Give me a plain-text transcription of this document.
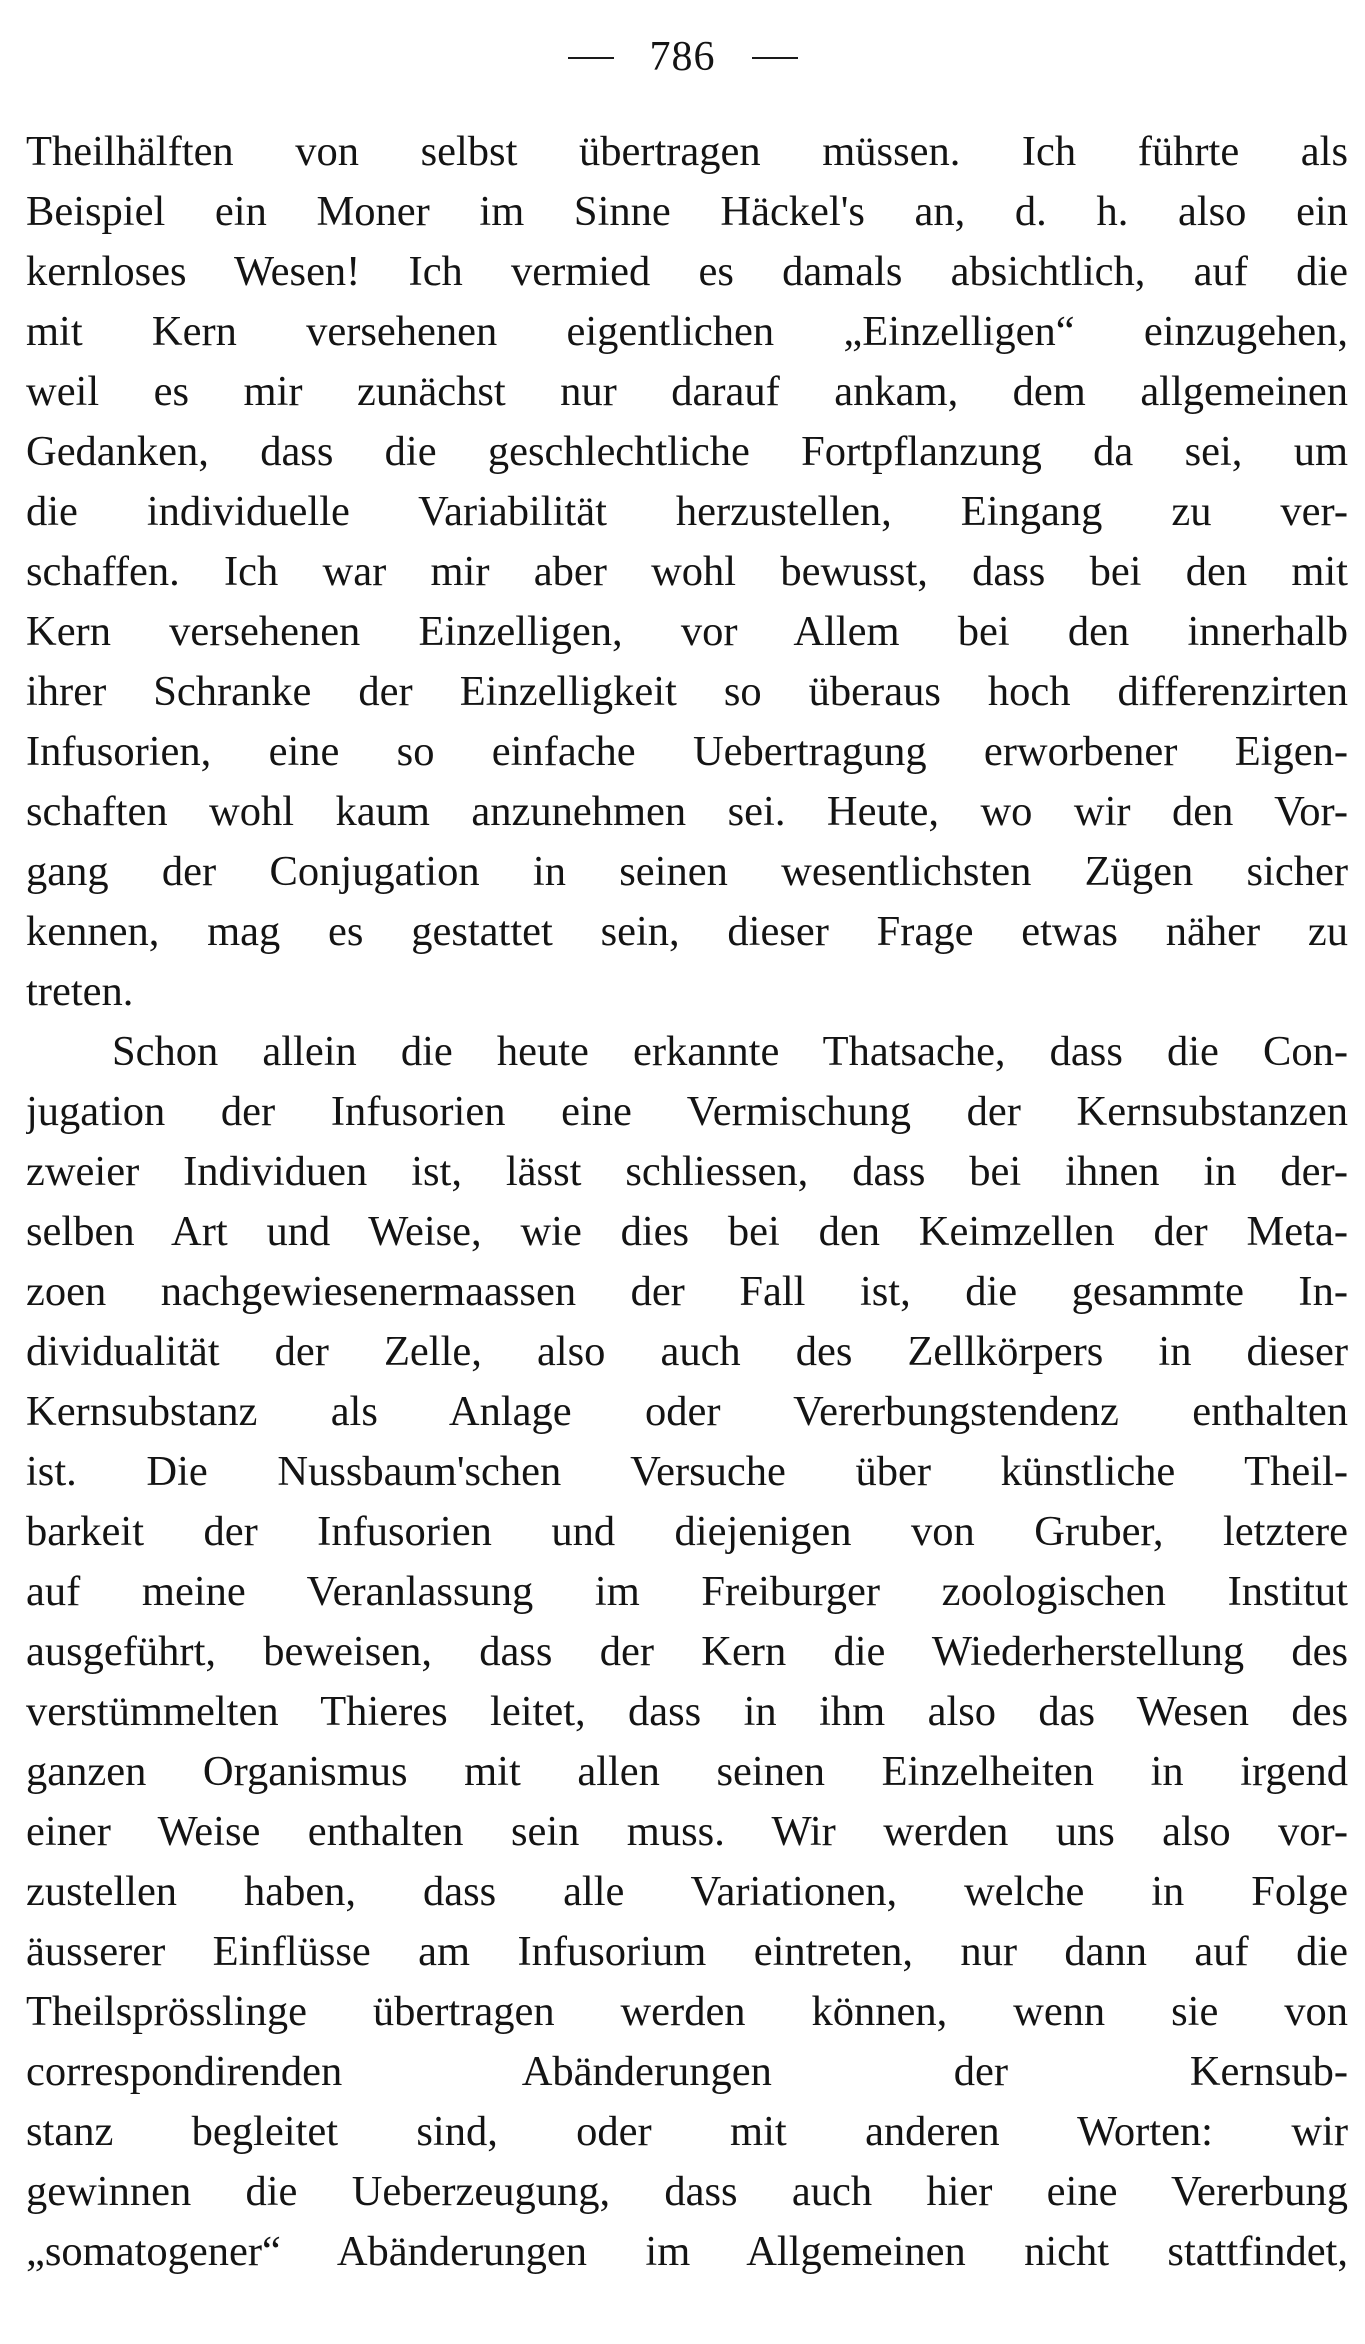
786
Theilhälften von selbst übertragen müssen. Ich führte als
Beispiel ein Moner im Sinne Häckel's an, d. h. also ein
kernloses Wesen! Ich vermied es damals absichtlich, auf die
mit Kern versehenen eigentlichen „Einzelligen“ einzugehen,
weil es mir zunächst nur darauf ankam, dem allgemeinen
Gedanken, dass die geschlechtliche Fortpflanzung da sei, um
die individuelle Variabilität herzustellen, Eingang zu ver-
schaffen. Ich war mir aber wohl bewusst, dass bei den mit
Kern versehenen Einzelligen, vor Allem bei den innerhalb
ihrer Schranke der Einzelligkeit so überaus hoch differenzirten
Infusorien, eine so einfache Uebertragung erworbener Eigen-
schaften wohl kaum anzunehmen sei. Heute, wo wir den Vor-
gang der Conjugation in seinen wesentlichsten Zügen sicher
kennen, mag es gestattet sein, dieser Frage etwas näher zu
treten.
Schon allein die heute erkannte Thatsache, dass die Con-
jugation der Infusorien eine Vermischung der Kernsubstanzen
zweier Individuen ist, lässt schliessen, dass bei ihnen in der-
selben Art und Weise, wie dies bei den Keimzellen der Meta-
zoen nachgewiesenermaassen der Fall ist, die gesammte In-
dividualität der Zelle, also auch des Zellkörpers in dieser
Kernsubstanz als Anlage oder Vererbungstendenz enthalten
ist. Die Nussbaum'schen Versuche über künstliche Theil-
barkeit der Infusorien und diejenigen von Gruber, letztere
auf meine Veranlassung im Freiburger zoologischen Institut
ausgeführt, beweisen, dass der Kern die Wiederherstellung des
verstümmelten Thieres leitet, dass in ihm also das Wesen des
ganzen Organismus mit allen seinen Einzelheiten in irgend
einer Weise enthalten sein muss. Wir werden uns also vor-
zustellen haben, dass alle Variationen, welche in Folge
äusserer Einflüsse am Infusorium eintreten, nur dann auf die
Theilsprösslinge übertragen werden können, wenn sie von
correspondirenden Abänderungen der Kernsub-
stanz begleitet sind, oder mit anderen Worten: wir
gewinnen die Ueberzeugung, dass auch hier eine Vererbung
„somatogener“ Abänderungen im Allgemeinen nicht stattfindet,
